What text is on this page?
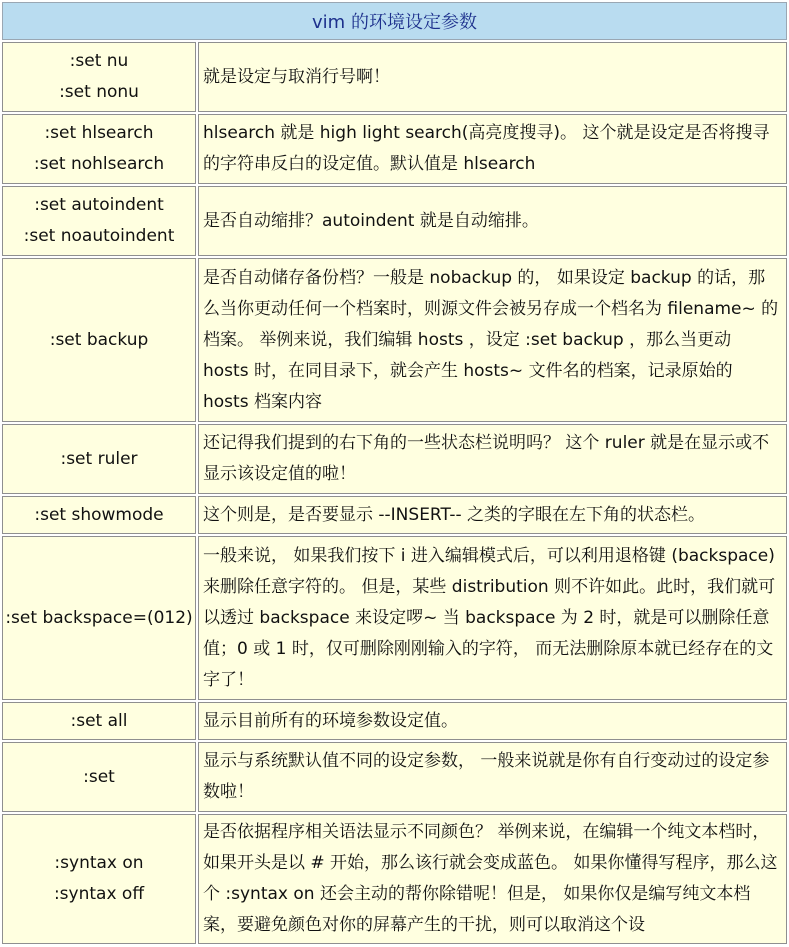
vim 的环境设定参数	

:set nu
:set nonu	就是设定与取消行号啊！

:set hlsearch
:set nohlsearch	hlsearch 就是 high light search(高亮度搜寻)。 这个就是设定是否将搜寻的字符串反白的设定值。默认值是 hlsearch

:set autoindent
:set noautoindent	是否自动缩排？autoindent 就是自动缩排。

:set backup	是否自动储存备份档？一般是 nobackup 的， 如果设定 backup 的话，那么当你更动任何一个档案时，则源文件会被另存成一个档名为 filename~ 的档案。 举例来说，我们编辑 hosts ，设定 :set backup ，那么当更动 hosts 时，在同目录下，就会产生 hosts~ 文件名的档案，记录原始的 hosts 档案内容

:set ruler	还记得我们提到的右下角的一些状态栏说明吗？ 这个 ruler 就是在显示或不显示该设定值的啦！

:set showmode	这个则是，是否要显示 --INSERT-- 之类的字眼在左下角的状态栏。

:set backspace=(012)	一般来说， 如果我们按下 i 进入编辑模式后，可以利用退格键 (backspace) 来删除任意字符的。 但是，某些 distribution 则不许如此。此时，我们就可以透过 backspace 来设定啰~ 当 backspace 为 2 时，就是可以删除任意值；0 或 1 时，仅可删除刚刚输入的字符， 而无法删除原本就已经存在的文字了！

:set all	显示目前所有的环境参数设定值。

:set	显示与系统默认值不同的设定参数， 一般来说就是你有自行变动过的设定参数啦！

:syntax on
:syntax off	是否依据程序相关语法显示不同颜色？ 举例来说，在编辑一个纯文本档时，如果开头是以 # 开始，那么该行就会变成蓝色。 如果你懂得写程序，那么这个 :syntax on 还会主动的帮你除错呢！但是， 如果你仅是编写纯文本档案，要避免颜色对你的屏幕产生的干扰，则可以取消这个设
